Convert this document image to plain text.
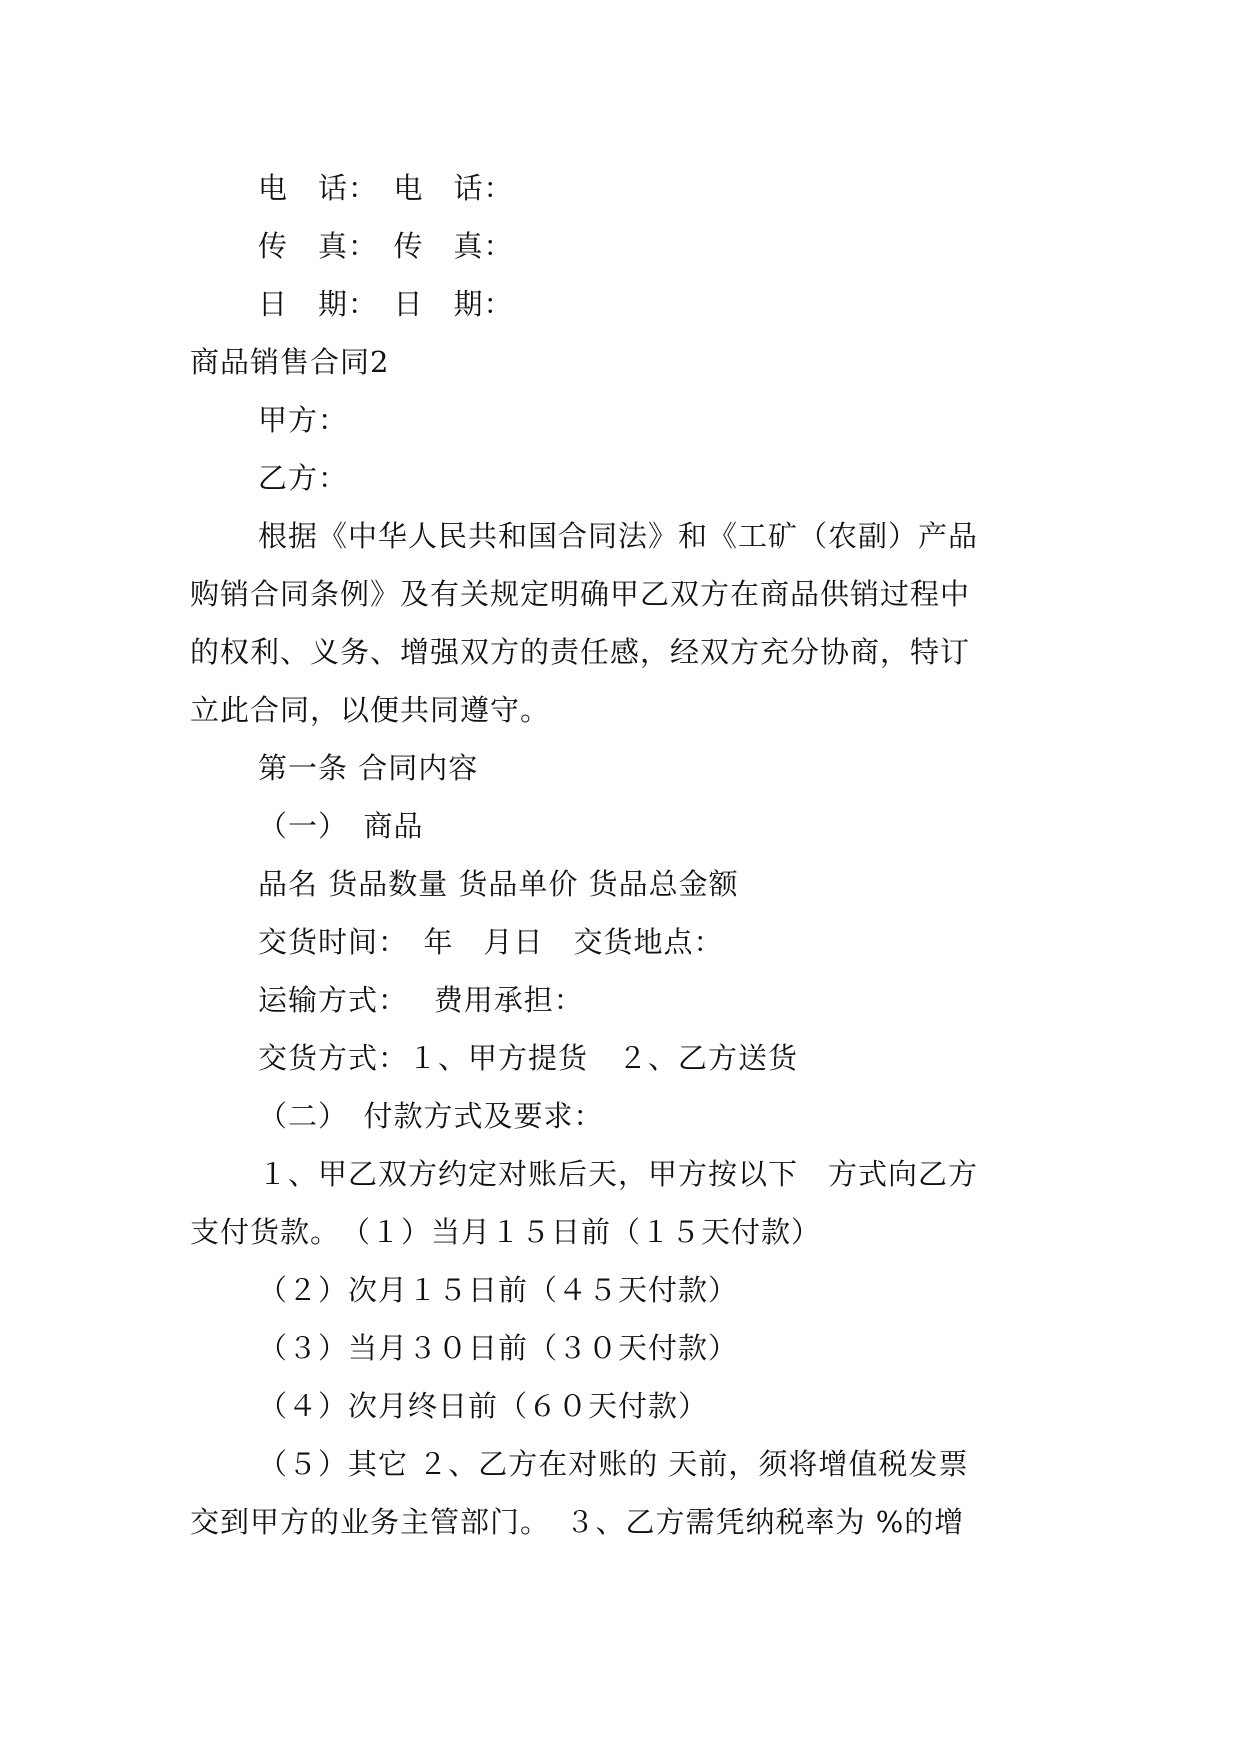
电　话：　电　话：
传　真：　传　真：
日　期：　日　期：
商品销售合同2
甲方：
乙方：
根据《中华人民共和国合同法》和《工矿（农副）产品
购销合同条例》及有关规定明确甲乙双方在商品供销过程中
的权利、义务、增强双方的责任感，经双方充分协商，特订
立此合同，以便共同遵守。
第一条 合同内容
（一）　商品
品名 货品数量 货品单价 货品总金额
交货时间：　年　月日　交货地点：
运输方式：　 费用承担：
交货方式：１、甲方提货　２、乙方送货
（二）　付款方式及要求：
１、甲乙双方约定对账后天，甲方按以下　方式向乙方
支付货款。　（１）当月１５日前（１５天付款）
（２）次月１５日前（４５天付款）
（３）当月３０日前（３０天付款）
（４）次月终日前（６０天付款）
（５）其它 ２、乙方在对账的 天前，须将增值税发票
交到甲方的业务主管部门。　３、乙方需凭纳税率为 %的增
